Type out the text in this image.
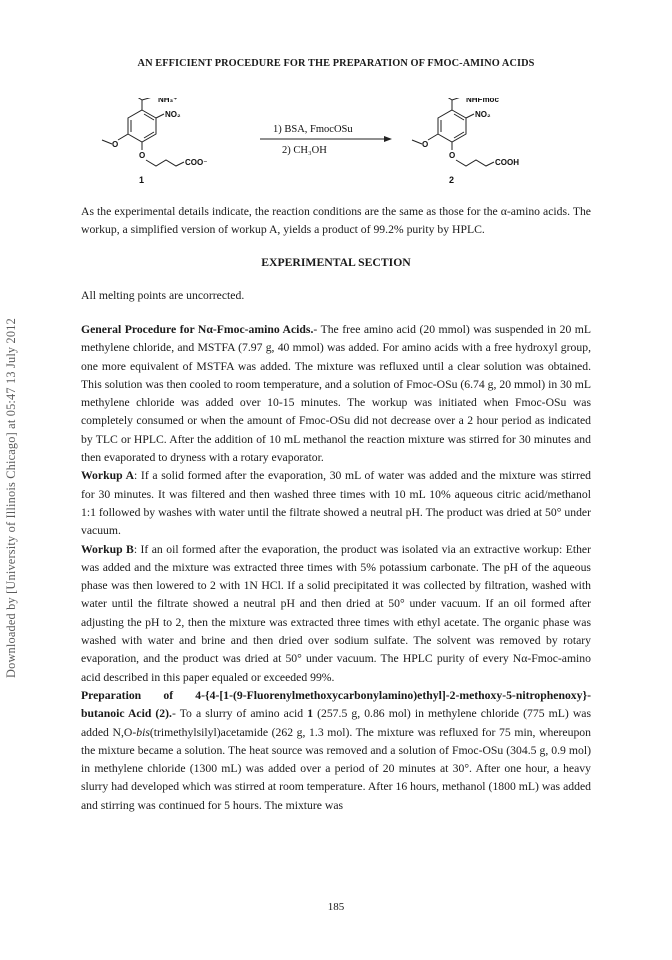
AN EFFICIENT PROCEDURE FOR THE PREPARATION OF FMOC-AMINO ACIDS
Downloaded by [University of Illinois Chicago] at 05:47 13 July 2012
NH₃⁺
NO₂
O
O
COO⁻
1
1) BSA, FmocOSu
2) CH₃OH
NHFmoc
NO₂
O
O
COOH
2

As the experimental details indicate, the reaction conditions are the same as those for the α-amino acids. The workup, a simplified version of workup A, yields a product of 99.2% purity by HPLC.

EXPERIMENTAL SECTION

All melting points are uncorrected.

General Procedure for Nα-Fmoc-amino Acids.- The free amino acid (20 mmol) was suspended in 20 mL methylene chloride, and MSTFA (7.97 g, 40 mmol) was added. For amino acids with a free hydroxyl group, one more equivalent of MSTFA was added. The mixture was refluxed until a clear solution was obtained. This solution was then cooled to room temperature, and a solution of Fmoc-OSu (6.74 g, 20 mmol) in 30 mL methylene chloride was added over 10-15 minutes. The workup was initiated when Fmoc-OSu was completely consumed or when the amount of Fmoc-OSu did not decrease over a 2 hour period as indicated by TLC or HPLC. After the addition of 10 mL methanol the reaction mixture was stirred for 30 minutes and then evaporated to dryness with a rotary evaporator.

Workup A: If a solid formed after the evaporation, 30 mL of water was added and the mixture was stirred for 30 minutes. It was filtered and then washed three times with 10 mL 10% aqueous citric acid/methanol 1:1 followed by washes with water until the filtrate showed a neutral pH. The product was dried at 50° under vacuum.

Workup B: If an oil formed after the evaporation, the product was isolated via an extractive workup: Ether was added and the mixture was extracted three times with 5% potassium carbonate. The pH of the aqueous phase was then lowered to 2 with 1N HCl. If a solid precipitated it was collected by filtration, washed with water until the filtrate showed a neutral pH and then dried at 50° under vacuum. If an oil formed after adjusting the pH to 2, then the mixture was extracted three times with ethyl acetate. The organic phase was washed with water and brine and then dried over sodium sulfate. The solvent was removed by rotary evaporation, and the product was dried at 50° under vacuum. The HPLC purity of every Nα-Fmoc-amino acid described in this paper equaled or exceeded 99%.

Preparation of 4-{4-[1-(9-Fluorenylmethoxycarbonylamino)ethyl]-2-methoxy-5-nitrophenoxy}-butanoic Acid (2).- To a slurry of amino acid 1 (257.5 g, 0.86 mol) in methylene chloride (775 mL) was added N,O-bis(trimethylsilyl)acetamide (262 g, 1.3 mol). The mixture was refluxed for 75 min, whereupon the mixture became a solution. The heat source was removed and a solution of Fmoc-OSu (304.5 g, 0.9 mol) in methylene chloride (1300 mL) was added over a period of 20 minutes at 30°. After one hour, a heavy slurry had developed which was stirred at room temperature. After 16 hours, methanol (1800 mL) was added and stirring was continued for 5 hours. The mixture was

185
